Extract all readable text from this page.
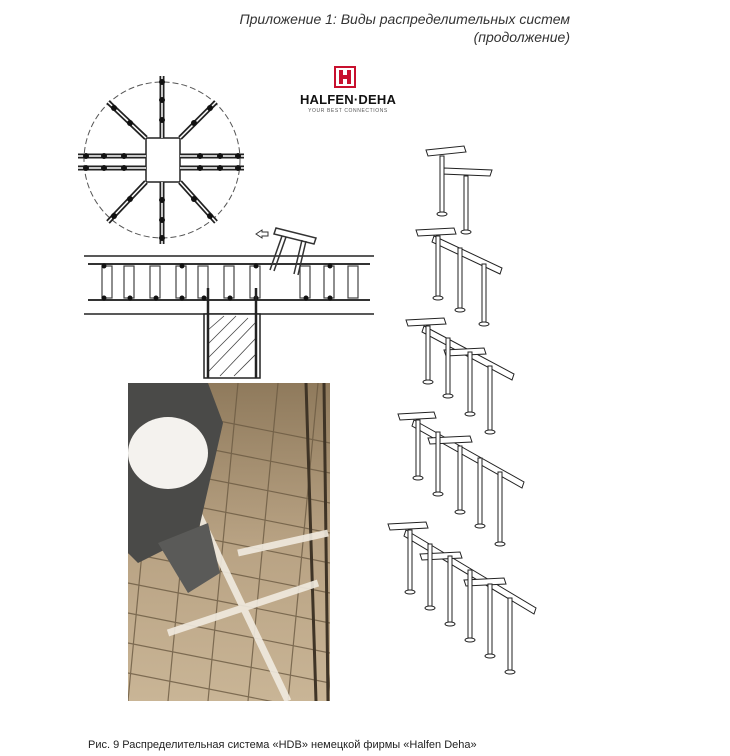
Приложение 1: Виды распределительных систем
(продолжение)
HALFEN·DEHA
YOUR BEST CONNECTIONS
Рис. 9 Распределительная система «HDB» немецкой фирмы «Halfen Deha»
